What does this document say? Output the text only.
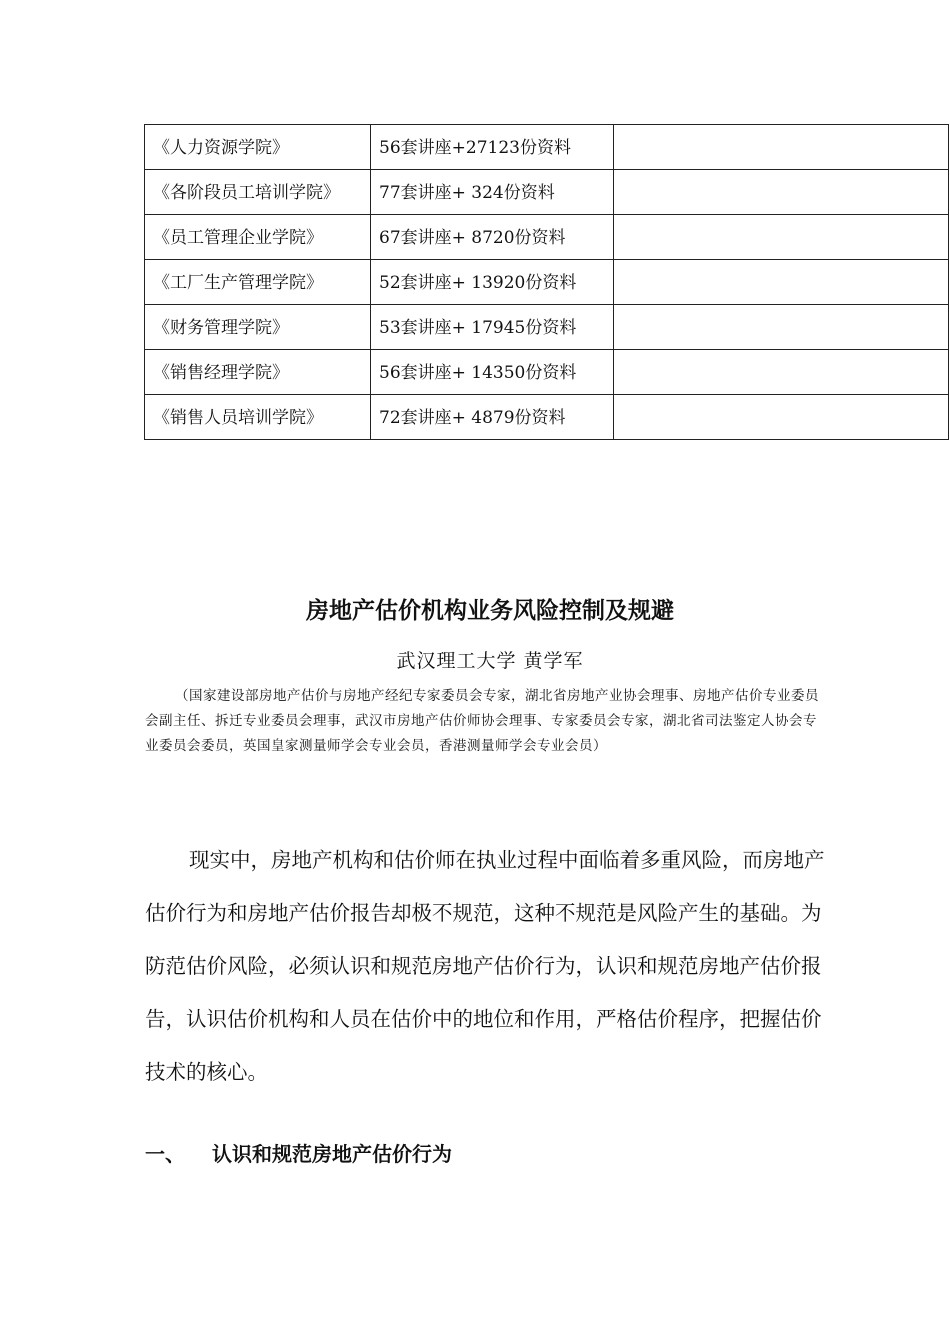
《人力资源学院》	56套讲座+27123份资料	
《各阶段员工培训学院》	77套讲座+ 324份资料	
《员工管理企业学院》	67套讲座+ 8720份资料	
《工厂生产管理学院》	52套讲座+ 13920份资料	
《财务管理学院》	53套讲座+ 17945份资料	
《销售经理学院》	56套讲座+ 14350份资料	
《销售人员培训学院》	72套讲座+ 4879份资料	
房地产估价机构业务风险控制及规避
武汉理工大学 黄学军
（国家建设部房地产估价与房地产经纪专家委员会专家，湖北省房地产业协会理事、房地产估价专业委员会副主任、拆迁专业委员会理事，武汉市房地产估价师协会理事、专家委员会专家，湖北省司法鉴定人协会专业委员会委员，英国皇家测量师学会专业会员，香港测量师学会专业会员）
现实中，房地产机构和估价师在执业过程中面临着多重风险，而房地产估价行为和房地产估价报告却极不规范，这种不规范是风险产生的基础。为防范估价风险，必须认识和规范房地产估价行为，认识和规范房地产估价报告，认识估价机构和人员在估价中的地位和作用，严格估价程序，把握估价技术的核心。
一、 认识和规范房地产估价行为
